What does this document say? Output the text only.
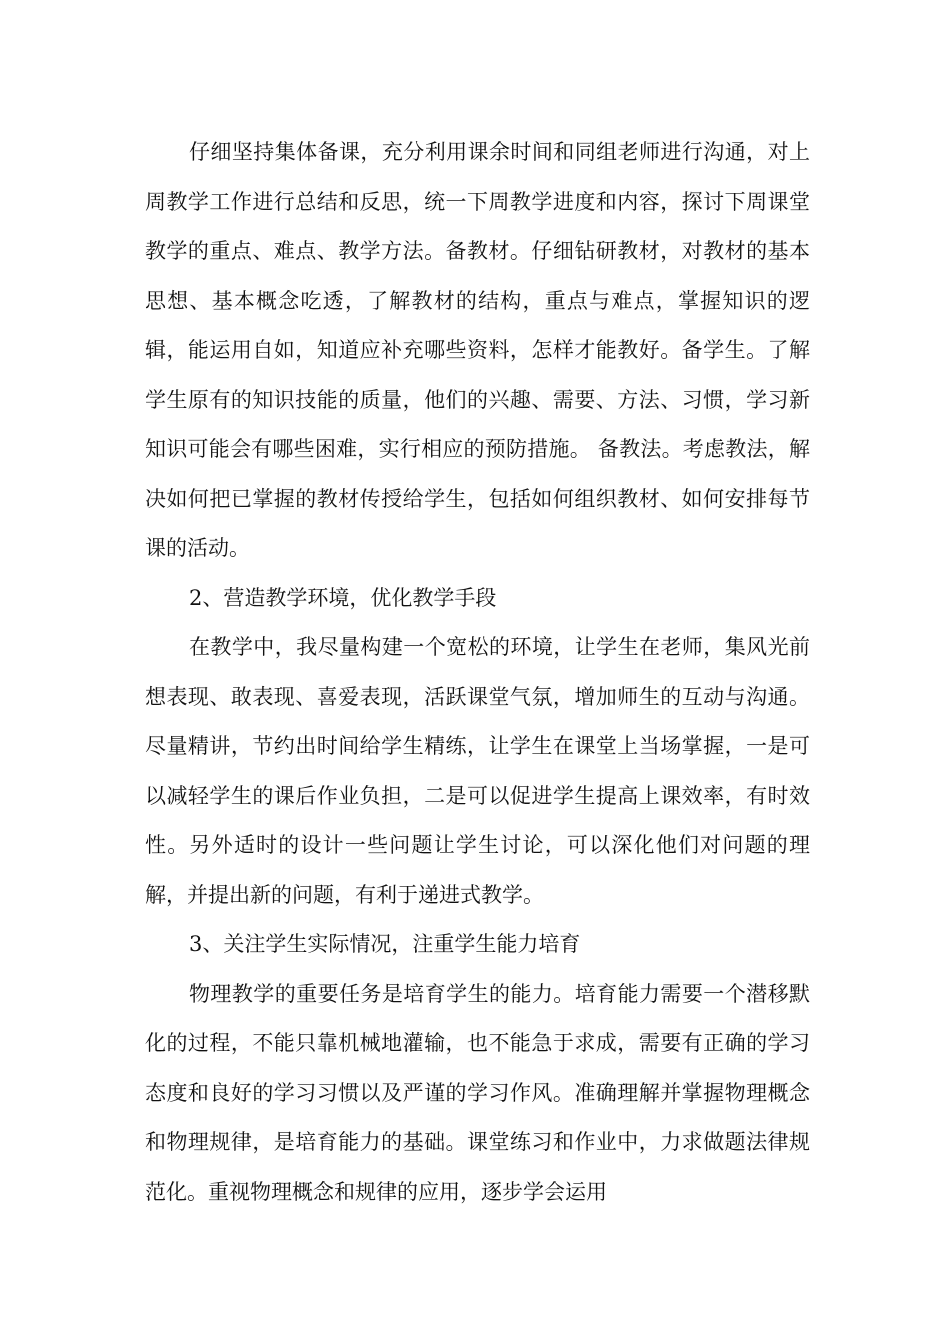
仔细坚持集体备课，充分利用课余时间和同组老师进行沟通，对上周教学工作进行总结和反思，统一下周教学进度和内容，探讨下周课堂教学的重点、难点、教学方法。备教材。仔细钻研教材，对教材的基本思想、基本概念吃透，了解教材的结构，重点与难点，掌握知识的逻辑，能运用自如，知道应补充哪些资料，怎样才能教好。备学生。了解学生原有的知识技能的质量，他们的兴趣、需要、方法、习惯，学习新知识可能会有哪些困难，实行相应的预防措施。 备教法。考虑教法，解决如何把已掌握的教材传授给学生，包括如何组织教材、如何安排每节课的活动。

2、营造教学环境，优化教学手段

在教学中，我尽量构建一个宽松的环境，让学生在老师，集风光前想表现、敢表现、喜爱表现，活跃课堂气氛，增加师生的互动与沟通。尽量精讲，节约出时间给学生精练，让学生在课堂上当场掌握，一是可以减轻学生的课后作业负担，二是可以促进学生提高上课效率，有时效性。另外适时的设计一些问题让学生讨论，可以深化他们对问题的理解，并提出新的问题，有利于递进式教学。

3、关注学生实际情况，注重学生能力培育

物理教学的重要任务是培育学生的能力。培育能力需要一个潜移默化的过程，不能只靠机械地灌输，也不能急于求成，需要有正确的学习态度和良好的学习习惯以及严谨的学习作风。准确理解并掌握物理概念和物理规律，是培育能力的基础。课堂练习和作业中，力求做题法律规范化。重视物理概念和规律的应用，逐步学会运用
